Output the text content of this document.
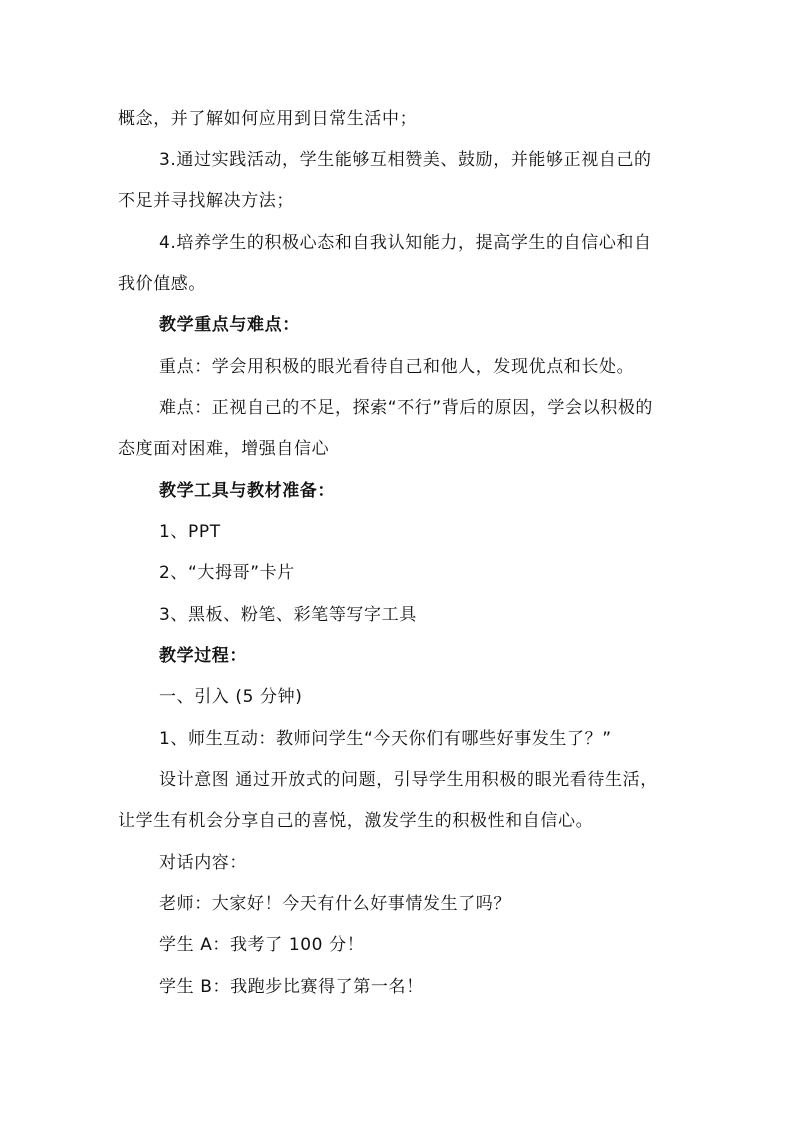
概念，并了解如何应用到日常生活中；
3.通过实践活动，学生能够互相赞美、鼓励，并能够正视自己的
不足并寻找解决方法；
4.培养学生的积极心态和自我认知能力，提高学生的自信心和自
我价值感。
教学重点与难点：
重点：学会用积极的眼光看待自己和他人，发现优点和长处。
难点：正视自己的不足，探索“不行”背后的原因，学会以积极的
态度面对困难，增强自信心
教学工具与教材准备：
1、PPT
2、“大拇哥”卡片
3、黑板、粉笔、彩笔等写字工具
教学过程：
一、引入 (5 分钟)
1、师生互动：教师问学生“今天你们有哪些好事发生了？”
设计意图 通过开放式的问题，引导学生用积极的眼光看待生活，
让学生有机会分享自己的喜悦，激发学生的积极性和自信心。
对话内容：
老师：大家好！今天有什么好事情发生了吗？
学生 A：我考了 100 分！
学生 B：我跑步比赛得了第一名！
